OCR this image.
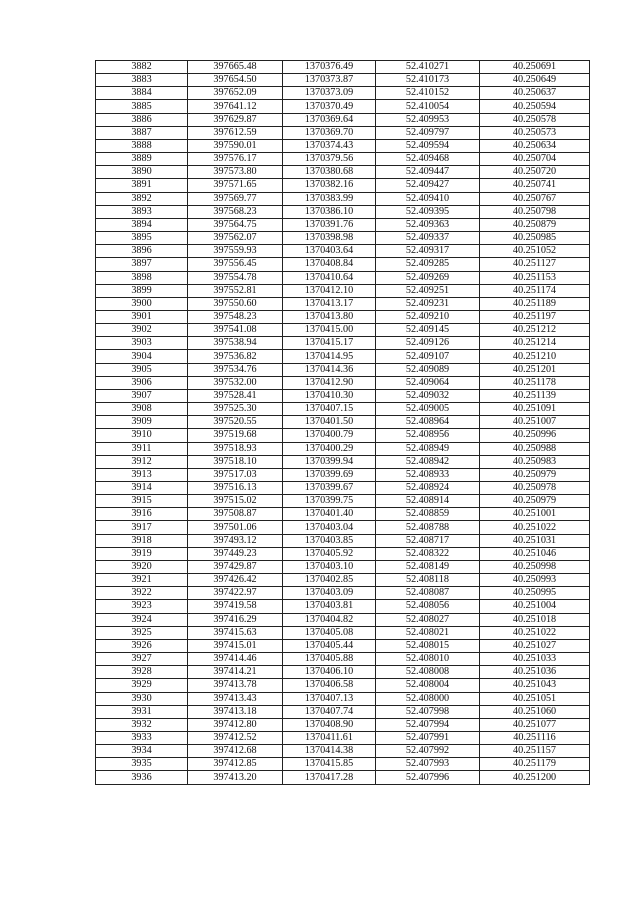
3882	397665.48	1370376.49	52.410271	40.250691
3883	397654.50	1370373.87	52.410173	40.250649
3884	397652.09	1370373.09	52.410152	40.250637
3885	397641.12	1370370.49	52.410054	40.250594
3886	397629.87	1370369.64	52.409953	40.250578
3887	397612.59	1370369.70	52.409797	40.250573
3888	397590.01	1370374.43	52.409594	40.250634
3889	397576.17	1370379.56	52.409468	40.250704
3890	397573.80	1370380.68	52.409447	40.250720
3891	397571.65	1370382.16	52.409427	40.250741
3892	397569.77	1370383.99	52.409410	40.250767
3893	397568.23	1370386.10	52.409395	40.250798
3894	397564.75	1370391.76	52.409363	40.250879
3895	397562.07	1370398.98	52.409337	40.250985
3896	397559.93	1370403.64	52.409317	40.251052
3897	397556.45	1370408.84	52.409285	40.251127
3898	397554.78	1370410.64	52.409269	40.251153
3899	397552.81	1370412.10	52.409251	40.251174
3900	397550.60	1370413.17	52.409231	40.251189
3901	397548.23	1370413.80	52.409210	40.251197
3902	397541.08	1370415.00	52.409145	40.251212
3903	397538.94	1370415.17	52.409126	40.251214
3904	397536.82	1370414.95	52.409107	40.251210
3905	397534.76	1370414.36	52.409089	40.251201
3906	397532.00	1370412.90	52.409064	40.251178
3907	397528.41	1370410.30	52.409032	40.251139
3908	397525.30	1370407.15	52.409005	40.251091
3909	397520.55	1370401.50	52.408964	40.251007
3910	397519.68	1370400.79	52.408956	40.250996
3911	397518.93	1370400.29	52.408949	40.250988
3912	397518.10	1370399.94	52.408942	40.250983
3913	397517.03	1370399.69	52.408933	40.250979
3914	397516.13	1370399.67	52.408924	40.250978
3915	397515.02	1370399.75	52.408914	40.250979
3916	397508.87	1370401.40	52.408859	40.251001
3917	397501.06	1370403.04	52.408788	40.251022
3918	397493.12	1370403.85	52.408717	40.251031
3919	397449.23	1370405.92	52.408322	40.251046
3920	397429.87	1370403.10	52.408149	40.250998
3921	397426.42	1370402.85	52.408118	40.250993
3922	397422.97	1370403.09	52.408087	40.250995
3923	397419.58	1370403.81	52.408056	40.251004
3924	397416.29	1370404.82	52.408027	40.251018
3925	397415.63	1370405.08	52.408021	40.251022
3926	397415.01	1370405.44	52.408015	40.251027
3927	397414.46	1370405.88	52.408010	40.251033
3928	397414.21	1370406.10	52.408008	40.251036
3929	397413.78	1370406.58	52.408004	40.251043
3930	397413.43	1370407.13	52.408000	40.251051
3931	397413.18	1370407.74	52.407998	40.251060
3932	397412.80	1370408.90	52.407994	40.251077
3933	397412.52	1370411.61	52.407991	40.251116
3934	397412.68	1370414.38	52.407992	40.251157
3935	397412.85	1370415.85	52.407993	40.251179
3936	397413.20	1370417.28	52.407996	40.251200
